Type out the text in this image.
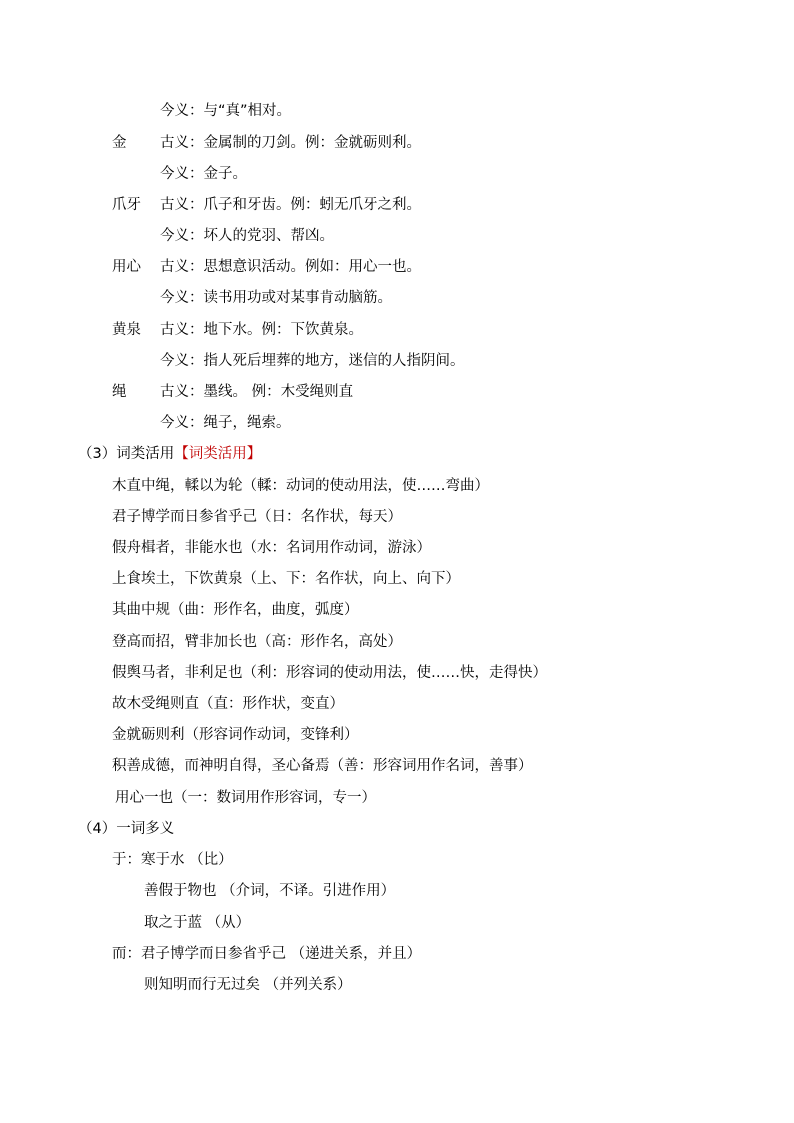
今义：与“真”相对。
金 古义：金属制的刀剑。例：金就砺则利。
今义：金子。
爪牙 古义：爪子和牙齿。例：蚓无爪牙之利。
今义：坏人的党羽、帮凶。
用心 古义：思想意识活动。例如：用心一也。
今义：读书用功或对某事肯动脑筋。
黄泉 古义：地下水。例：下饮黄泉。
今义：指人死后埋葬的地方，迷信的人指阴间。
绳 古义：墨线。 例：木受绳则直
今义：绳子，绳索。
（3）词类活用【词类活用】
木直中绳，輮以为轮（輮：动词的使动用法，使……弯曲）
君子博学而日参省乎己（日：名作状，每天）
假舟楫者，非能水也（水：名词用作动词，游泳）
上食埃土，下饮黄泉（上、下：名作状，向上、向下）
其曲中规（曲：形作名，曲度，弧度）
登高而招，臂非加长也（高：形作名，高处）
假舆马者，非利足也（利：形容词的使动用法，使……快，走得快）
故木受绳则直（直：形作状，变直）
金就砺则利（形容词作动词，变锋利）
积善成德，而神明自得，圣心备焉（善：形容词用作名词，善事）
用心一也（一：数词用作形容词，专一）
（4）一词多义
于：寒于水 （比）
善假于物也 （介词，不译。引进作用）
取之于蓝 （从）
而：君子博学而日参省乎己 （递进关系，并且）
则知明而行无过矣 （并列关系）
